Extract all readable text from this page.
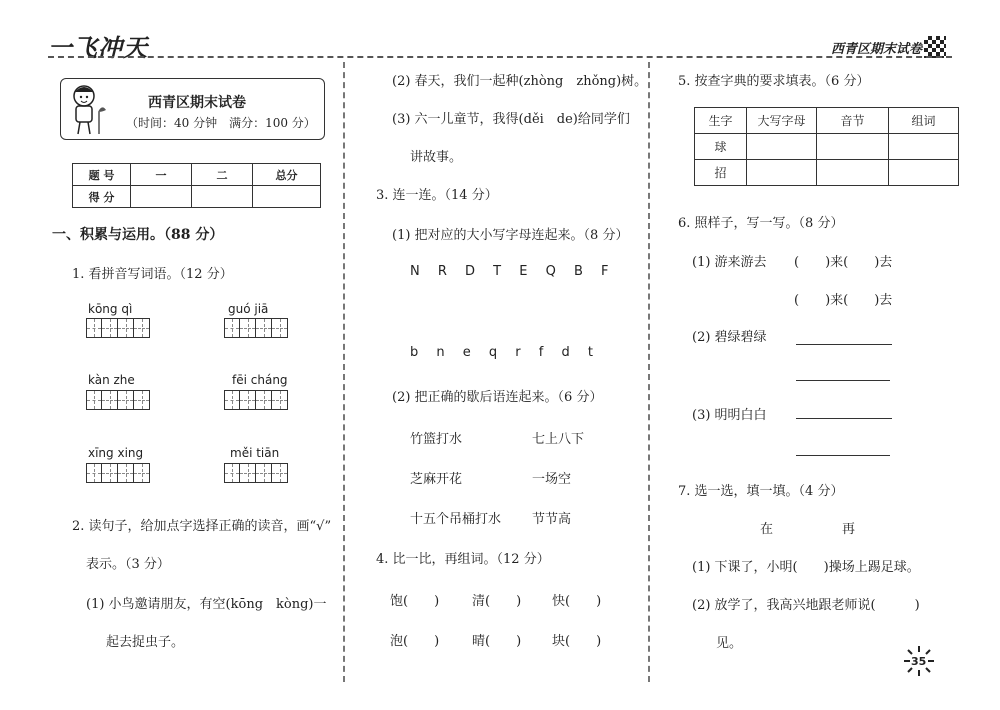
一飞冲天	西青区期末试卷
西青区期末试卷
（时间：40 分钟　满分：100 分）
题 号	一	二	总分
得 分			
一、积累与运用。（88 分）
1. 看拼音写词语。（12 分）
kōng qì	guó jiā
kàn zhe	fēi cháng
xīng xing	měi tiān
2. 读句子，给加点字选择正确的读音，画“√”
表示。（3 分）
(1) 小鸟邀请朋友，有空(kōng　kòng)一
起去捉虫子。
(2) 春天，我们一起种(zhòng　zhǒng)树。
(3) 六一儿童节，我得(děi　de)给同学们
讲故事。
3. 连一连。（14 分）
(1) 把对应的大小写字母连起来。（8 分）
N R D T E Q B F
b n e q r f d t
(2) 把正确的歇后语连起来。（6 分）
竹篮打水
芝麻开花
十五个吊桶打水
七上八下
一场空
节节高
4. 比一比，再组词。（12 分）
饱(　　)	清(　　) 快(　　)
泡(　　)	晴(　　) 块(　　)
5. 按查字典的要求填表。（6 分）
生字	大写字母	音节	组词
球			
招			
6. 照样子，写一写。（8 分）
(1) 游来游去 (　　)来(　　)去
(　　)来(　　)去
(2) 碧绿碧绿
(3) 明明白白
7. 选一选，填一填。（4 分）
在	再
(1) 下课了，小明(　　)操场上踢足球。
(2) 放学了，我高兴地跟老师说(　　　)
见。
35
